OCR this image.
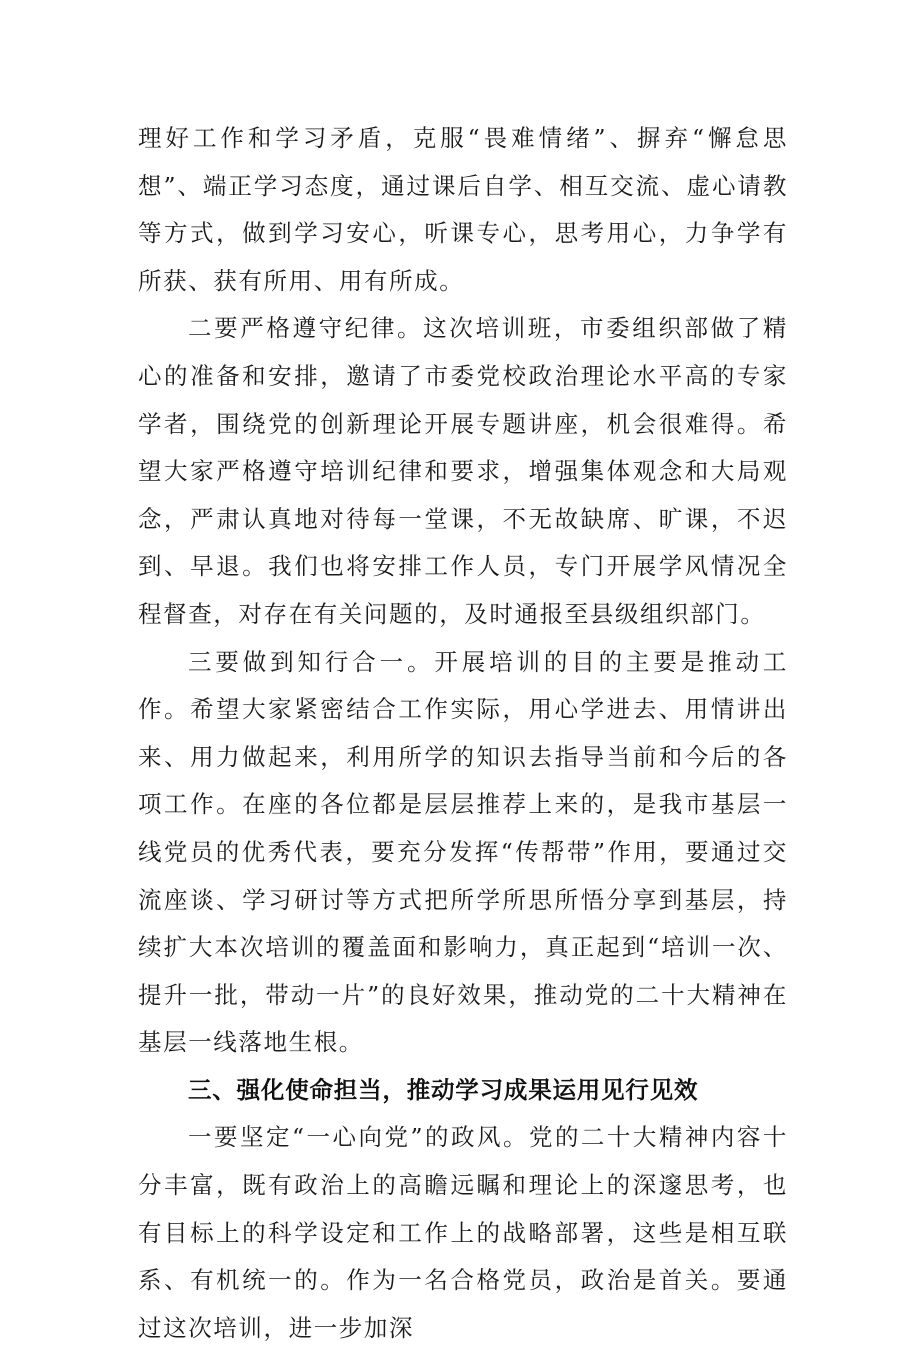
理好工作和学习矛盾，克服“畏难情绪”、摒弃“懈怠思想”、端正学习态度，通过课后自学、相互交流、虚心请教等方式，做到学习安心，听课专心，思考用心，力争学有所获、获有所用、用有所成。

二要严格遵守纪律。这次培训班，市委组织部做了精心的准备和安排，邀请了市委党校政治理论水平高的专家学者，围绕党的创新理论开展专题讲座，机会很难得。希望大家严格遵守培训纪律和要求，增强集体观念和大局观念，严肃认真地对待每一堂课，不无故缺席、旷课，不迟到、早退。我们也将安排工作人员，专门开展学风情况全程督查，对存在有关问题的，及时通报至县级组织部门。

三要做到知行合一。开展培训的目的主要是推动工作。希望大家紧密结合工作实际，用心学进去、用情讲出来、用力做起来，利用所学的知识去指导当前和今后的各项工作。在座的各位都是层层推荐上来的，是我市基层一线党员的优秀代表，要充分发挥“传帮带”作用，要通过交流座谈、学习研讨等方式把所学所思所悟分享到基层，持续扩大本次培训的覆盖面和影响力，真正起到“培训一次、提升一批，带动一片”的良好效果，推动党的二十大精神在基层一线落地生根。

三、强化使命担当，推动学习成果运用见行见效

一要坚定“一心向党”的政风。党的二十大精神内容十分丰富，既有政治上的高瞻远瞩和理论上的深邃思考，也有目标上的科学设定和工作上的战略部署，这些是相互联系、有机统一的。作为一名合格党员，政治是首关。要通过这次培训，进一步加深
